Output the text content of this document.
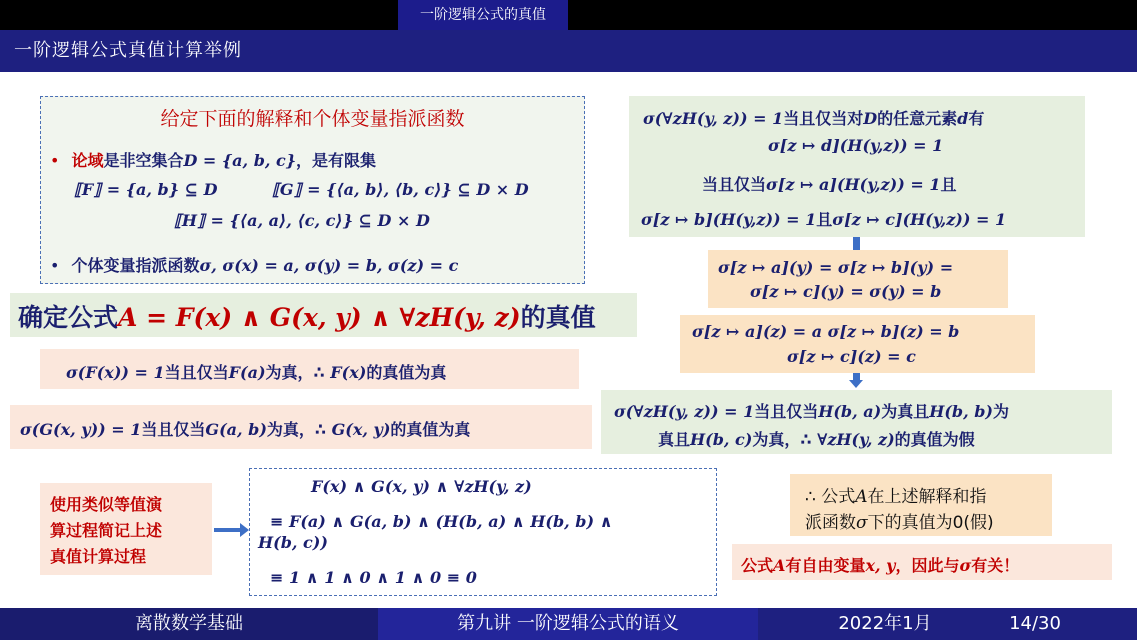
一阶逻辑公式的真值
一阶逻辑公式真值计算举例
给定下面的解释和个体变量指派函数
• 论域是非空集合D = {a, b, c}，是有限集
⟦F⟧ = {a, b} ⊆ D	⟦G⟧ = {⟨a, b⟩, ⟨b, c⟩} ⊆ D × D
⟦H⟧ = {⟨a, a⟩, ⟨c, c⟩} ⊆ D × D
• 个体变量指派函数σ, σ(x) = a, σ(y) = b, σ(z) = c
确定公式A = F(x) ∧ G(x, y) ∧ ∀zH(y, z)的真值
σ(F(x)) = 1当且仅当F(a)为真，∴ F(x)的真值为真
σ(G(x, y)) = 1当且仅当G(a, b)为真，∴ G(x, y)的真值为真
使用类似等值演
算过程简记上述
真值计算过程
F(x) ∧ G(x, y) ∧ ∀zH(y, z)
≡ F(a) ∧ G(a, b) ∧ (H(b, a) ∧ H(b, b) ∧
H(b, c))
≡ 1 ∧ 1 ∧ 0 ∧ 1 ∧ 0 ≡ 0
σ(∀zH(y, z)) = 1当且仅当对D的任意元素d有
σ[z ↦ d](H(y,z)) = 1
当且仅当σ[z ↦ a](H(y,z)) = 1且
σ[z ↦ b](H(y,z)) = 1且σ[z ↦ c](H(y,z)) = 1
σ[z ↦ a](y) = σ[z ↦ b](y) =
σ[z ↦ c](y) = σ(y) = b
σ[z ↦ a](z) = a σ[z ↦ b](z) = b
σ[z ↦ c](z) = c
σ(∀zH(y, z)) = 1当且仅当H(b, a)为真且H(b, b)为
真且H(b, c)为真，∴ ∀zH(y, z)的真值为假
∴ 公式A在上述解释和指
派函数σ下的真值为0(假)
公式A有自由变量x, y，因此与σ有关！
离散数学基础	第九讲 一阶逻辑公式的语义	2022年1月	14/30
